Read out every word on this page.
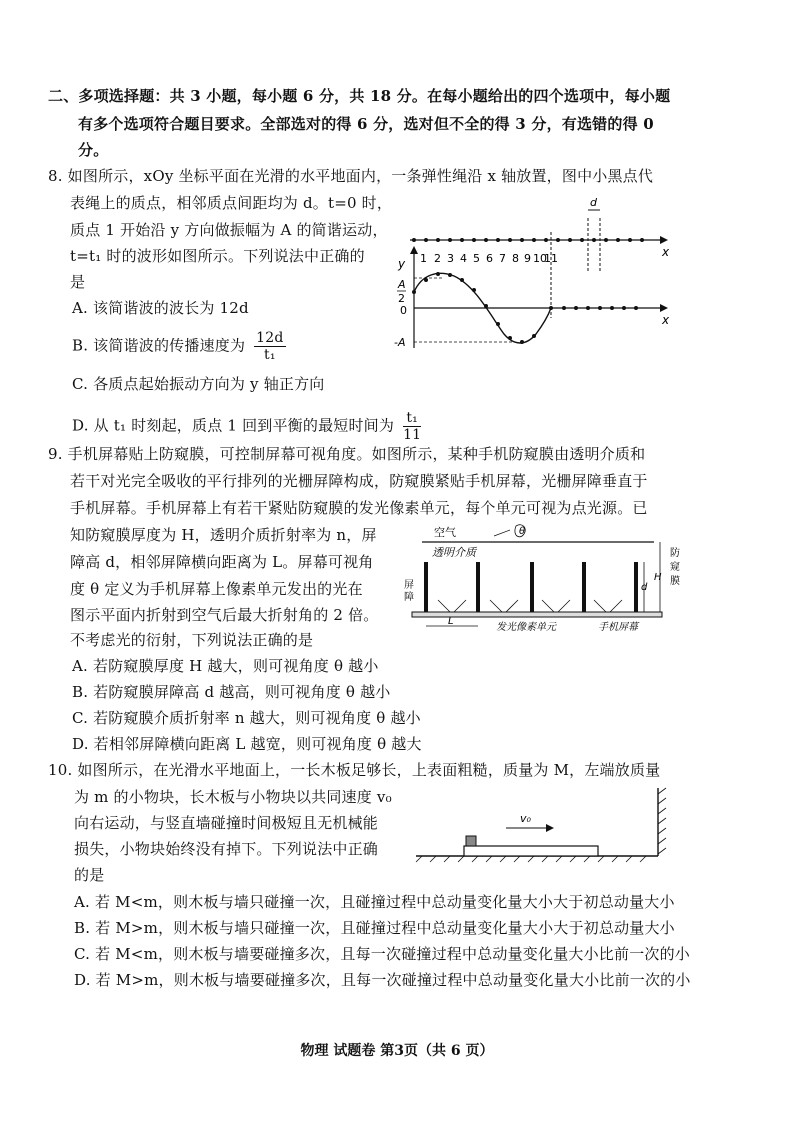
二、多项选择题：共 3 小题，每小题 6 分，共 18 分。在每小题给出的四个选项中，每小题
有多个选项符合题目要求。全部选对的得 6 分，选对但不全的得 3 分，有选错的得 0
分。
8. 如图所示，xOy 坐标平面在光滑的水平地面内，一条弹性绳沿 x 轴放置，图中小黑点代
表绳上的质点，相邻质点间距均为 d。t=0 时，
质点 1 开始沿 y 方向做振幅为 A 的简谐运动，
t=t₁ 时的波形如图所示。下列说法中正确的
是
A. 该简谐波的波长为 12d
B. 该简谐波的传播速度为 $\frac{12d}{\text{t₁}}$
C. 各质点起始振动方向为 y 轴正方向
D. 从 t₁ 时刻起，质点 1 回到平衡的最短时间为 $\frac{\text{t₁}}{11}$
x
d
1 2 3 4 5 6 7 8 9 10
11
y
A
2
0
-A
x
9. 手机屏幕贴上防窥膜，可控制屏幕可视角度。如图所示，某种手机防窥膜由透明介质和
若干对光完全吸收的平行排列的光栅屏障构成，防窥膜紧贴手机屏幕，光栅屏障垂直于
手机屏幕。手机屏幕上有若干紧贴防窥膜的发光像素单元，每个单元可视为点光源。已
知防窥膜厚度为 H，透明介质折射率为 n，屏
障高 d，相邻屏障横向距离为 L。屏幕可视角
度 θ 定义为手机屏幕上像素单元发出的光在
图示平面内折射到空气后最大折射角的 2 倍。
不考虑光的衍射，下列说法正确的是
A. 若防窥膜厚度 H 越大，则可视角度 θ 越小
B. 若防窥膜屏障高 d 越高，则可视角度 θ 越小
C. 若防窥膜介质折射率 n 越大，则可视角度 θ 越小
D. 若相邻屏障横向距离 L 越宽，则可视角度 θ 越大
空气	θ
透明介质
屏
障
H
d
防
窥
膜
L
发光像素单元	手机屏幕
10. 如图所示，在光滑水平地面上，一长木板足够长，上表面粗糙，质量为 M，左端放质量
为 m 的小物块，长木板与小物块以共同速度 v₀
向右运动，与竖直墙碰撞时间极短且无机械能
损失，小物块始终没有掉下。下列说法中正确
的是
A. 若 M<m，则木板与墙只碰撞一次，且碰撞过程中总动量变化量大小大于初总动量大小
B. 若 M>m，则木板与墙只碰撞一次，且碰撞过程中总动量变化量大小大于初总动量大小
C. 若 M<m，则木板与墙要碰撞多次，且每一次碰撞过程中总动量变化量大小比前一次的小
D. 若 M>m，则木板与墙要碰撞多次，且每一次碰撞过程中总动量变化量大小比前一次的小
v₀
物理 试题卷 第3页（共 6 页）
